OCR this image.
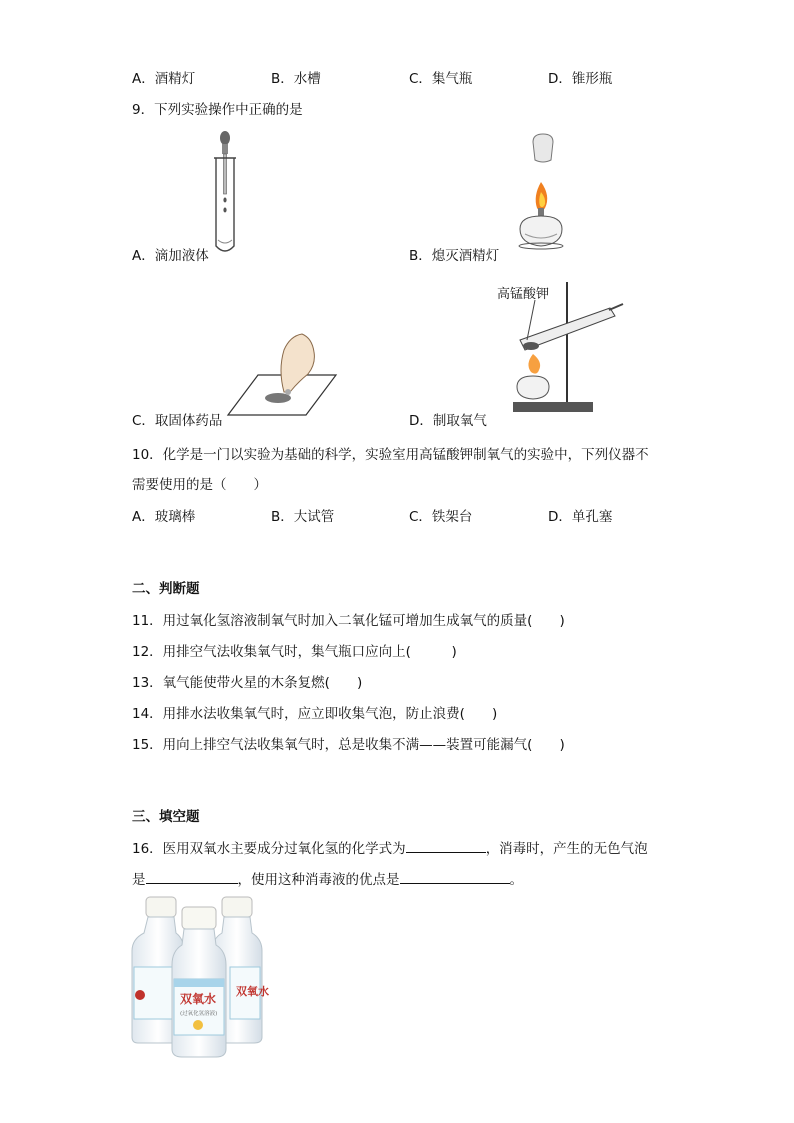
A．酒精灯	B．水槽	C．集气瓶	D．锥形瓶
9．下列实验操作中正确的是
A．滴加液体	B．熄灭酒精灯
C．取固体药品
高锰酸钾
D．制取氧气
10．化学是一门以实验为基础的科学，实验室用高锰酸钾制氧气的实验中，下列仪器不
需要使用的是（　　）
A．玻璃棒	B．大试管	C．铁架台	D．单孔塞
二、判断题
11．用过氧化氢溶液制氧气时加入二氧化锰可增加生成氧气的质量(　　)
12．用排空气法收集氧气时，集气瓶口应向上(　　　)
13．氧气能使带火星的木条复燃(　　)
14．用排水法收集氧气时，应立即收集气泡，防止浪费(　　)
15．用向上排空气法收集氧气时，总是收集不满——装置可能漏气(　　)
三、填空题
16．医用双氧水主要成分过氧化氢的化学式为	，消毒时，产生的无色气泡
是	，使用这种消毒液的优点是	。
双氧水
双氧水
(过氧化氢溶液)
